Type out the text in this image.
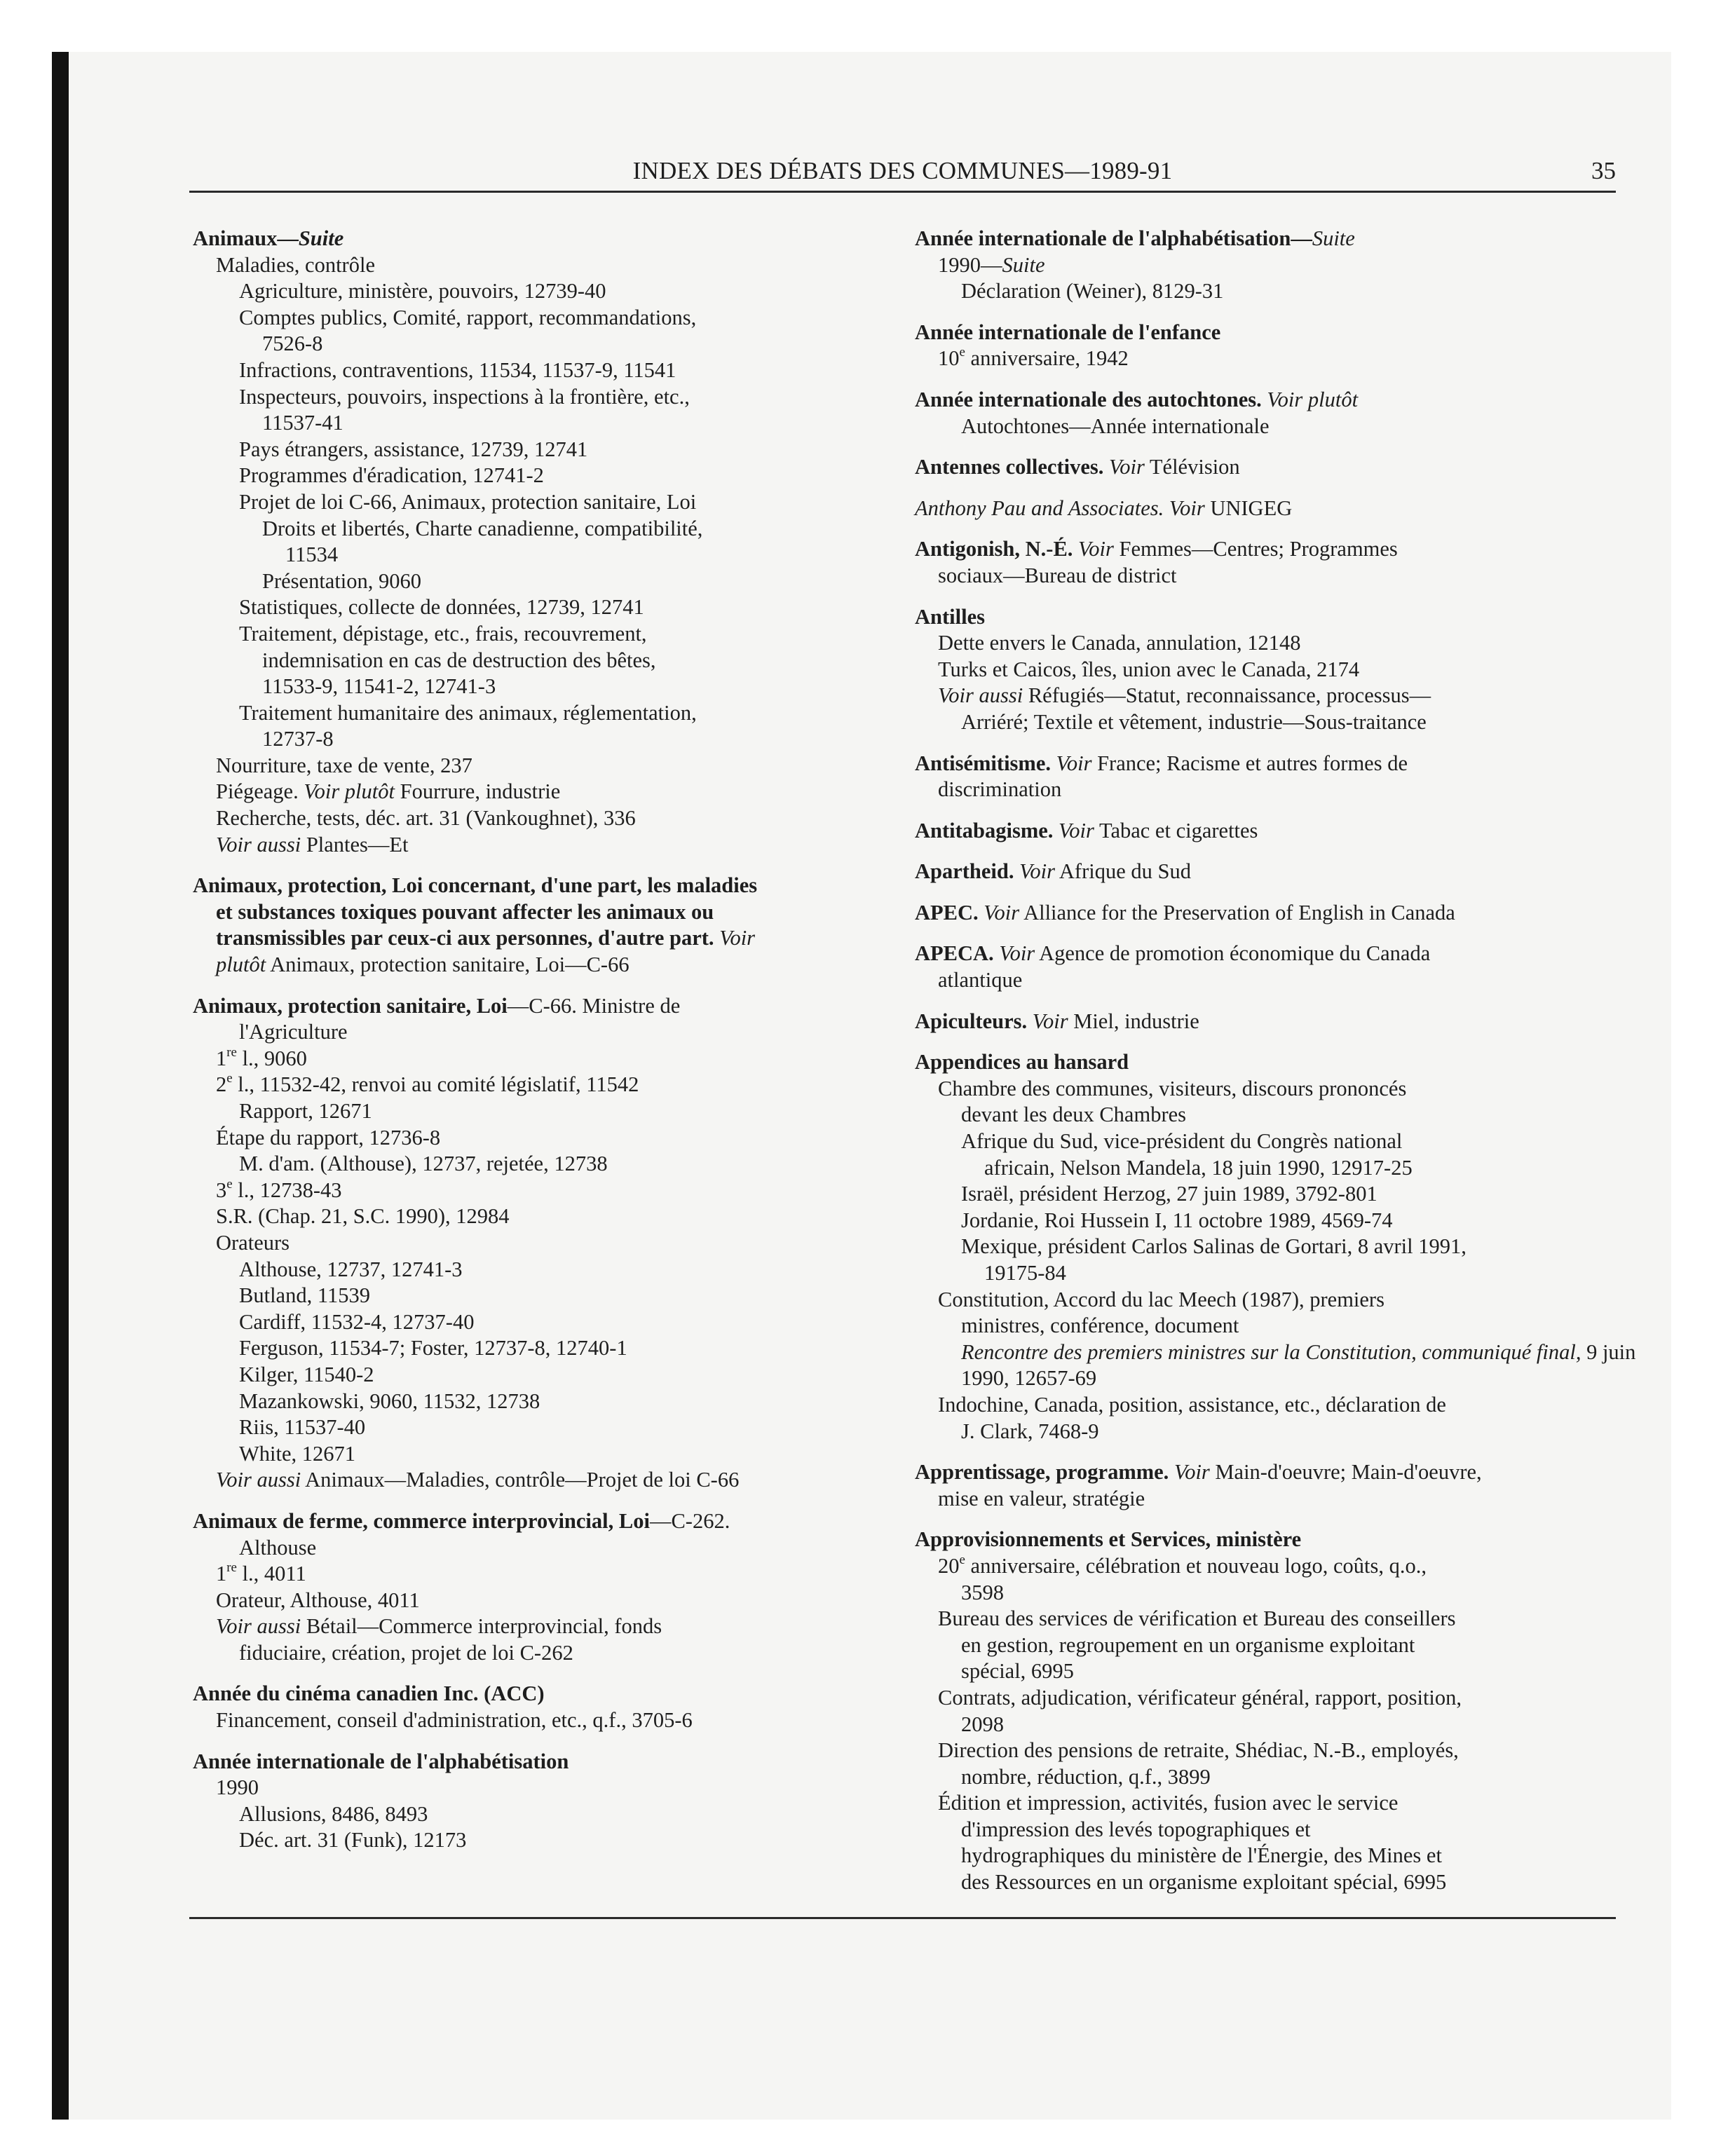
INDEX DES DÉBATS DES COMMUNES—1989-91	35
Animaux—Suite
Maladies, contrôle
Agriculture, ministère, pouvoirs, 12739-40
Comptes publics, Comité, rapport, recommandations,
7526-8
Infractions, contraventions, 11534, 11537-9, 11541
Inspecteurs, pouvoirs, inspections à la frontière, etc.,
11537-41
Pays étrangers, assistance, 12739, 12741
Programmes d'éradication, 12741-2
Projet de loi C-66, Animaux, protection sanitaire, Loi
Droits et libertés, Charte canadienne, compatibilité,
11534
Présentation, 9060
Statistiques, collecte de données, 12739, 12741
Traitement, dépistage, etc., frais, recouvrement,
indemnisation en cas de destruction des bêtes,
11533-9, 11541-2, 12741-3
Traitement humanitaire des animaux, réglementation,
12737-8
Nourriture, taxe de vente, 237
Piégeage. Voir plutôt Fourrure, industrie
Recherche, tests, déc. art. 31 (Vankoughnet), 336
Voir aussi Plantes—Et
Animaux, protection, Loi concernant, d'une part, les maladies
et substances toxiques pouvant affecter les animaux ou
transmissibles par ceux-ci aux personnes, d'autre part. Voir
plutôt Animaux, protection sanitaire, Loi—C-66
Animaux, protection sanitaire, Loi—C-66. Ministre de
l'Agriculture
1re l., 9060
2e l., 11532-42, renvoi au comité législatif, 11542
Rapport, 12671
Étape du rapport, 12736-8
M. d'am. (Althouse), 12737, rejetée, 12738
3e l., 12738-43
S.R. (Chap. 21, S.C. 1990), 12984
Orateurs
Althouse, 12737, 12741-3
Butland, 11539
Cardiff, 11532-4, 12737-40
Ferguson, 11534-7; Foster, 12737-8, 12740-1
Kilger, 11540-2
Mazankowski, 9060, 11532, 12738
Riis, 11537-40
White, 12671
Voir aussi Animaux—Maladies, contrôle—Projet de loi C-66
Animaux de ferme, commerce interprovincial, Loi—C-262.
Althouse
1re l., 4011
Orateur, Althouse, 4011
Voir aussi Bétail—Commerce interprovincial, fonds
fiduciaire, création, projet de loi C-262
Année du cinéma canadien Inc. (ACC)
Financement, conseil d'administration, etc., q.f., 3705-6
Année internationale de l'alphabétisation
1990
Allusions, 8486, 8493
Déc. art. 31 (Funk), 12173
Année internationale de l'alphabétisation—Suite
1990—Suite
Déclaration (Weiner), 8129-31
Année internationale de l'enfance
10e anniversaire, 1942
Année internationale des autochtones. Voir plutôt
Autochtones—Année internationale
Antennes collectives. Voir Télévision
Anthony Pau and Associates. Voir UNIGEG
Antigonish, N.-É. Voir Femmes—Centres; Programmes
sociaux—Bureau de district
Antilles
Dette envers le Canada, annulation, 12148
Turks et Caicos, îles, union avec le Canada, 2174
Voir aussi Réfugiés—Statut, reconnaissance, processus—
Arriéré; Textile et vêtement, industrie—Sous-traitance
Antisémitisme. Voir France; Racisme et autres formes de
discrimination
Antitabagisme. Voir Tabac et cigarettes
Apartheid. Voir Afrique du Sud
APEC. Voir Alliance for the Preservation of English in Canada
APECA. Voir Agence de promotion économique du Canada
atlantique
Apiculteurs. Voir Miel, industrie
Appendices au hansard
Chambre des communes, visiteurs, discours prononcés
devant les deux Chambres
Afrique du Sud, vice-président du Congrès national
africain, Nelson Mandela, 18 juin 1990, 12917-25
Israël, président Herzog, 27 juin 1989, 3792-801
Jordanie, Roi Hussein I, 11 octobre 1989, 4569-74
Mexique, président Carlos Salinas de Gortari, 8 avril 1991,
19175-84
Constitution, Accord du lac Meech (1987), premiers
ministres, conférence, document
Rencontre des premiers ministres sur la Constitution, communiqué final, 9 juin
1990, 12657-69
Indochine, Canada, position, assistance, etc., déclaration de
J. Clark, 7468-9
Apprentissage, programme. Voir Main-d'oeuvre; Main-d'oeuvre,
mise en valeur, stratégie
Approvisionnements et Services, ministère
20e anniversaire, célébration et nouveau logo, coûts, q.o.,
3598
Bureau des services de vérification et Bureau des conseillers
en gestion, regroupement en un organisme exploitant
spécial, 6995
Contrats, adjudication, vérificateur général, rapport, position,
2098
Direction des pensions de retraite, Shédiac, N.-B., employés,
nombre, réduction, q.f., 3899
Édition et impression, activités, fusion avec le service
d'impression des levés topographiques et
hydrographiques du ministère de l'Énergie, des Mines et
des Ressources en un organisme exploitant spécial, 6995
